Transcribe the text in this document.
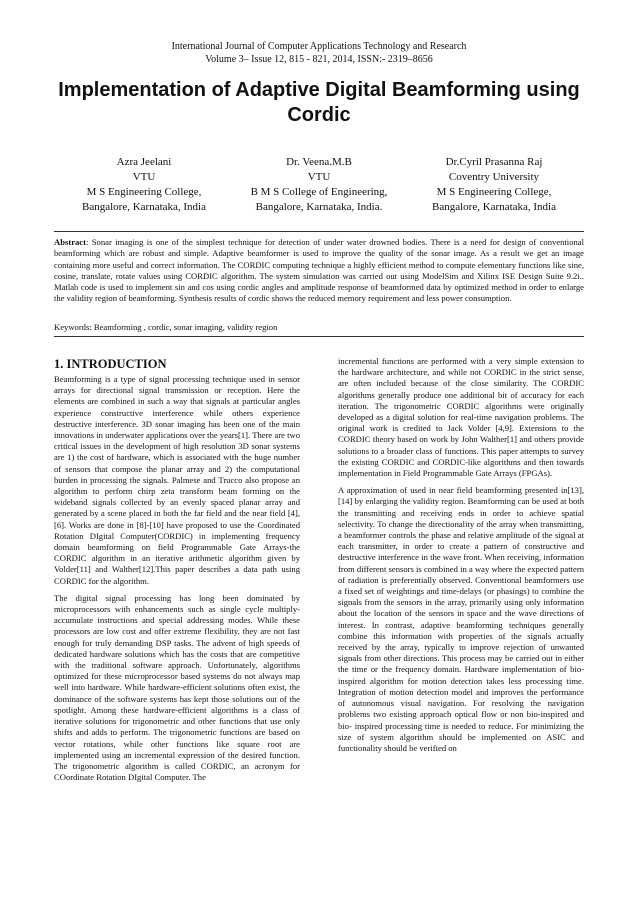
International Journal of Computer Applications Technology and Research
Volume 3– Issue 12, 815 - 821, 2014, ISSN:- 2319–8656
Implementation of Adaptive Digital Beamforming using Cordic
Azra Jeelani
VTU
M S Engineering College,
Bangalore, Karnataka, India
Dr. Veena.M.B
VTU
B M S College of Engineering,
Bangalore, Karnataka, India.
Dr.Cyril Prasanna Raj
Coventry University
M S Engineering College,
Bangalore, Karnataka, India
Abstract: Sonar imaging is one of the simplest technique for detection of under water drowned bodies. There is a need for design of conventional beamforming which are robust and simple. Adaptive beamformer is used to improve the quality of the sonar image. As a result we get an image containing more useful and correct information. The CORDIC computing technique a highly efficient method to compute elementary functions like sine, cosine, translate, rotate values using CORDIC algorithm. The system simulation was carried out using ModelSim and Xilinx ISE Design Suite 9.2i.. Matlab code is used to implement sin and cos using cordic angles and amplitude response of beamformed data by optimized method in order to enlarge the validity region of beamforming. Synthesis results of cordic shows the reduced memory requirement and less power consumption.
Keywords: Beamforming , cordic, sonar imaging, validity region
1. INTRODUCTION

Beamforming is a type of signal processing technique used in sensor arrays for directional signal transmission or reception. Here the elements are combined in such a way that signals at particular angles experience constructive interference while others experience destructive interference. 3D sonar imaging has been one of the main innovations in underwater applications over the years[1]. There are two critical issues in the development of high resolution 3D sonar systems are 1) the cost of hardware, which is associated with the huge number of sensors that compose the planar array and 2) the computational burden in processing the signals. Palmese and Trucco also propose an algorithm to perform chirp zeta transform beam forming on the wideband signals collected by an evenly spaced planar array and generated by a scene placed in both the far field and the near field [4],[6]. Works are done in [8]-[10] have proposed to use the Coordinated Rotation DIgital Computer(CORDIC) in implementing frequency domain beamforming on field Programmable Gate Arrays-the CORDIC algorithm in an iterative arithmetic algorithm given by Volder[11] and Walther[12].This paper describes a data path using CORDIC for the algorithm.

The digital signal processing has long been dominated by microprocessors with enhancements such as single cycle multiply-accumulate instructions and special addressing modes. While these processors are low cost and offer extreme flexibility, they are not fast enough for truly demanding DSP tasks. The advent of high speeds of dedicated hardware solutions which has the costs that are competitive with the traditional software approach. Unfortunately, algorithms optimized for these microprocessor based systems do not always map well into hardware. While hardware-efficient solutions often exist, the dominance of the software systems has kept those solutions out of the spotlight. Among these hardware-efficient algorithms is a class of iterative solutions for trigonometric and other functions that use only shifts and adds to perform. The trigonometric functions are based on vector rotations, while other functions like square root are implemented using an incremental expression of the desired function. The trigonometric algorithm is called CORDIC, an acronym for COordinate Rotation DIgital Computer. The

incremental functions are performed with a very simple extension to the hardware architecture, and while not CORDIC in the strict sense, are often included because of the close similarity. The CORDIC algorithms generally produce one additional bit of accuracy for each iteration. The trigonometric CORDIC algorithms were originally developed as a digital solution for real-time navigation problems. The original work is credited to Jack Volder [4,9]. Extensions to the CORDIC theory based on work by John Walther[1] and others provide solutions to a broader class of functions. This paper attempts to survey the existing CORDIC and CORDIC-like algorithms and then towards implementation in Field Programmable Gate Arrays (FPGAs).

A approximation of used in near field beamforming presented in[13],[14] by enlarging the validity region. Beamforming can be used at both the transmitting and receiving ends in order to achieve spatial selectivity. To change the directionality of the array when transmitting, a beamformer controls the phase and relative amplitude of the signal at each transmitter, in order to create a pattern of constructive and destructive interference in the wave front. When receiving, information from different sensors is combined in a way where the expected pattern of radiation is preferentially observed. Conventional beamformers use a fixed set of weightings and time-delays (or phasings) to combine the signals from the sensors in the array, primarily using only information about the location of the sensors in space and the wave directions of interest. In contrast, adaptive beamforming techniques generally combine this information with properties of the signals actually received by the array, typically to improve rejection of unwanted signals from other directions. This process may be carried out in either the time or the frequency domain. Hardware implementation of bio-inspired algorithm for motion detection takes less processing time. Integration of motion detection model and improves the performance of autonomous visual navigation. For resolving the navigation problems two existing approach optical flow or non bio-inspired and bio- inspired processing time is needed to reduce. For minimizing the size of system algorithm should be implemented on ASIC and functionality should be verified on
